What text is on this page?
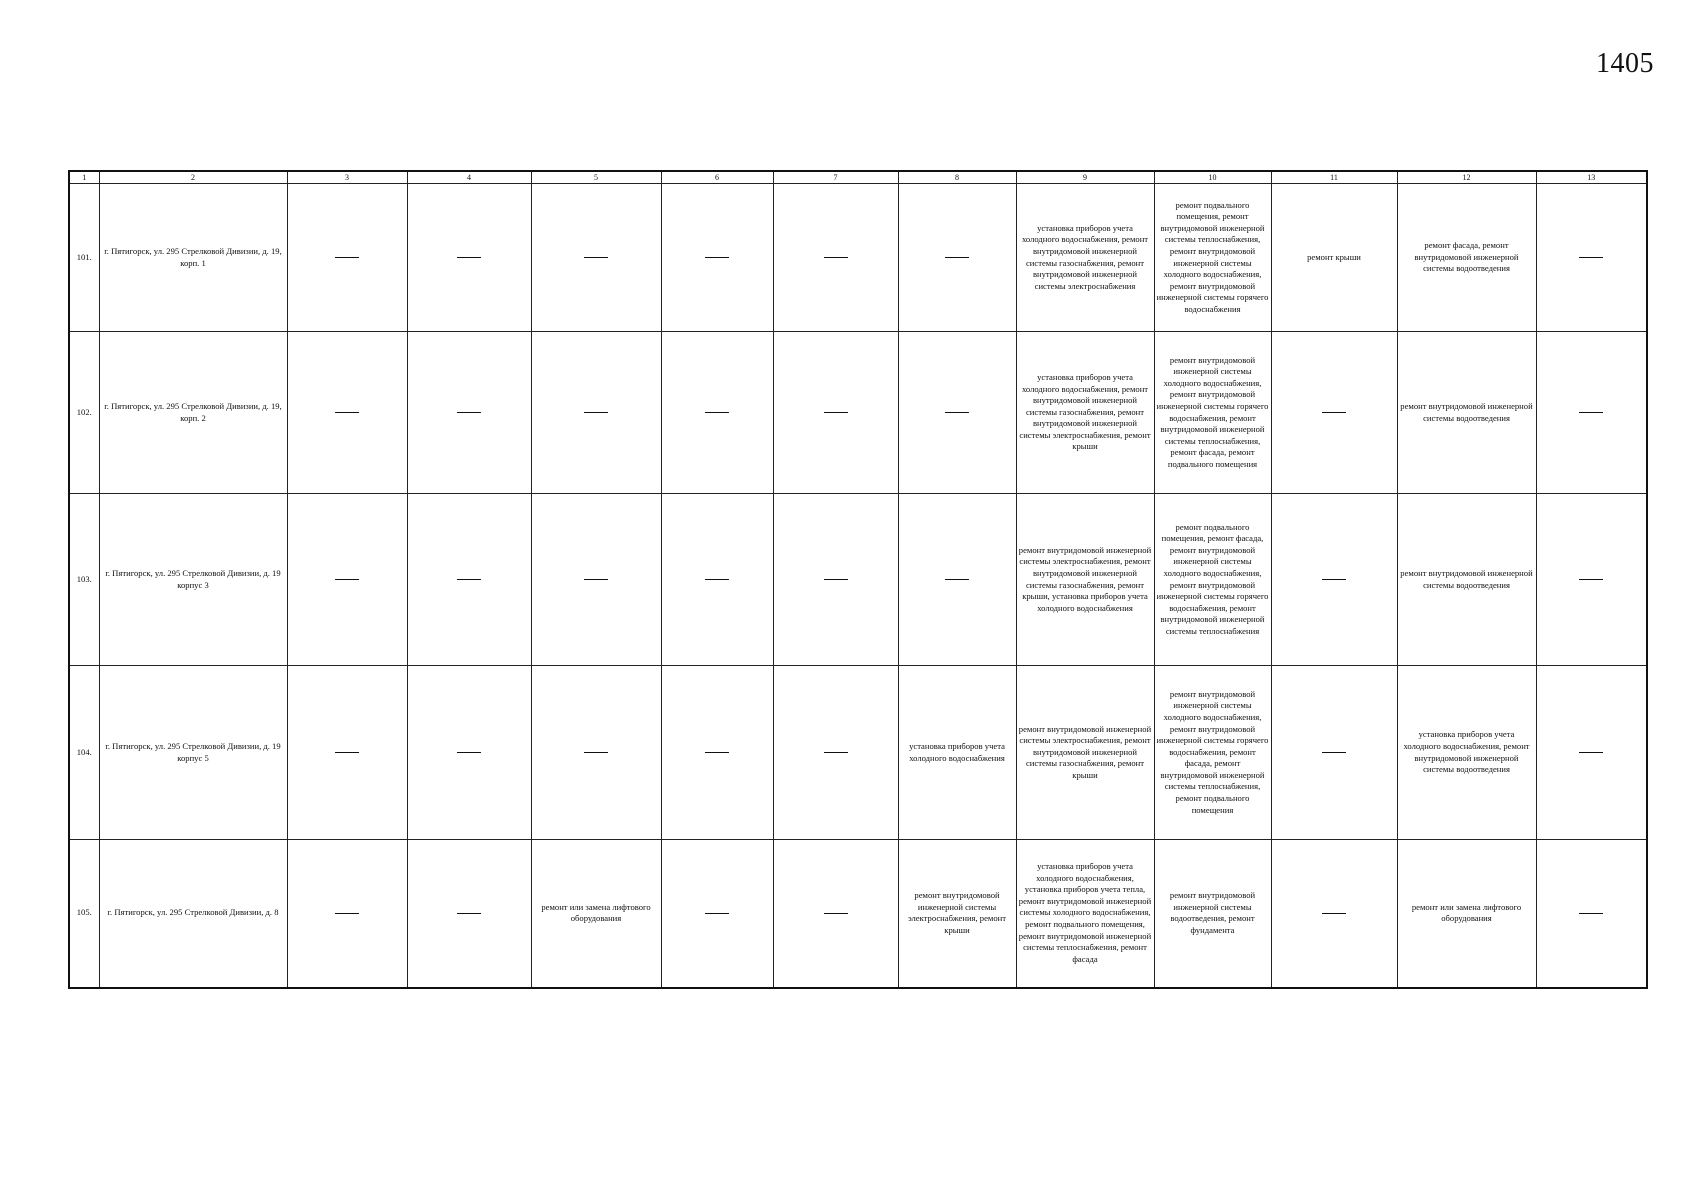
1405
1	2	3	4	5	6	7	8	9	10	11	12	13
101.	г. Пятигорск, ул. 295 Стрелковой Дивизии, д. 19, корп. 1							установка приборов учета холодного водоснабжения, ремонт внутридомовой инженерной системы газоснабжения, ремонт внутридомовой инженерной системы электроснабжения	ремонт подвального помещения, ремонт внутридомовой инженерной системы теплоснабжения, ремонт внутридомовой инженерной системы холодного водоснабжения, ремонт внутридомовой инженерной системы горячего водоснабжения	ремонт крыши	ремонт фасада, ремонт внутридомовой инженерной системы водоотведения	
102.	г. Пятигорск, ул. 295 Стрелковой Дивизии, д. 19, корп. 2							установка приборов учета холодного водоснабжения, ремонт внутридомовой инженерной системы газоснабжения, ремонт внутридомовой инженерной системы электроснабжения, ремонт крыши	ремонт внутридомовой инженерной системы холодного водоснабжения, ремонт внутридомовой инженерной системы горячего водоснабжения, ремонт внутридомовой инженерной системы теплоснабжения, ремонт фасада, ремонт подвального помещения		ремонт внутридомовой инженерной системы водоотведения	
103.	г. Пятигорск, ул. 295 Стрелковой Дивизии, д. 19 корпус 3							ремонт внутридомовой инженерной системы электроснабжения, ремонт внутридомовой инженерной системы газоснабжения, ремонт крыши, установка приборов учета холодного водоснабжения	ремонт подвального помещения, ремонт фасада, ремонт внутридомовой инженерной системы холодного водоснабжения, ремонт внутридомовой инженерной системы горячего водоснабжения, ремонт внутридомовой инженерной системы теплоснабжения		ремонт внутридомовой инженерной системы водоотведения	
104.	г. Пятигорск, ул. 295 Стрелковой Дивизии, д. 19 корпус 5						установка приборов учета холодного водоснабжения	ремонт внутридомовой инженерной системы электроснабжения, ремонт внутридомовой инженерной системы газоснабжения, ремонт крыши	ремонт внутридомовой инженерной системы холодного водоснабжения, ремонт внутридомовой инженерной системы горячего водоснабжения, ремонт фасада, ремонт внутридомовой инженерной системы теплоснабжения, ремонт подвального помещения		установка приборов учета холодного водоснабжения, ремонт внутридомовой инженерной системы водоотведения	
105.	г. Пятигорск, ул. 295 Стрелковой Дивизии, д. 8			ремонт или замена лифтового оборудования			ремонт внутридомовой инженерной системы электроснабжения, ремонт крыши	установка приборов учета холодного водоснабжения, установка приборов учета тепла, ремонт внутридомовой инженерной системы холодного водоснабжения, ремонт подвального помещения, ремонт внутридомовой инженерной системы теплоснабжения, ремонт фасада	ремонт внутридомовой инженерной системы водоотведения, ремонт фундамента		ремонт или замена лифтового оборудования	
